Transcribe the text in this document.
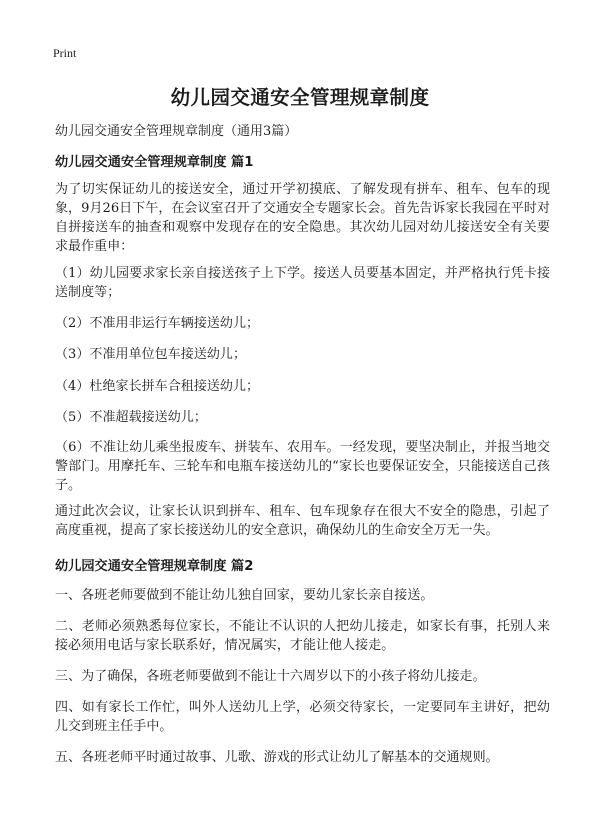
Print
幼儿园交通安全管理规章制度
幼儿园交通安全管理规章制度（通用3篇）
幼儿园交通安全管理规章制度 篇1

为了切实保证幼儿的接送安全，通过开学初摸底、了解发现有拼车、租车、包车的现象，9月26日下午，在会议室召开了交通安全专题家长会。首先告诉家长我园在平时对自拼接送车的抽查和观察中发现存在的安全隐患。其次幼儿园对幼儿接送安全有关要求最作重申：

（1）幼儿园要求家长亲自接送孩子上下学。接送人员要基本固定，并严格执行凭卡接送制度等；

（2）不准用非运行车辆接送幼儿；

（3）不准用单位包车接送幼儿；

（4）杜绝家长拼车合租接送幼儿；

（5）不准超载接送幼儿；

（6）不准让幼儿乘坐报废车、拼装车、农用车。一经发现，要坚决制止，并报当地交警部门。用摩托车、三轮车和电瓶车接送幼儿的“家长也要保证安全，只能接送自己孩子。

通过此次会议，让家长认识到拼车、租车、包车现象存在很大不安全的隐患，引起了高度重视，提高了家长接送幼儿的安全意识，确保幼儿的生命安全万无一失。

幼儿园交通安全管理规章制度 篇2

一、各班老师要做到不能让幼儿独自回家，要幼儿家长亲自接送。

二、老师必须熟悉每位家长，不能让不认识的人把幼儿接走，如家长有事，托别人来接必须用电话与家长联系好，情况属实，才能让他人接走。

三、为了确保，各班老师要做到不能让十六周岁以下的小孩子将幼儿接走。

四、如有家长工作忙，叫外人送幼儿上学，必须交待家长，一定要同车主讲好，把幼儿交到班主任手中。

五、各班老师平时通过故事、儿歌、游戏的形式让幼儿了解基本的交通规则。
